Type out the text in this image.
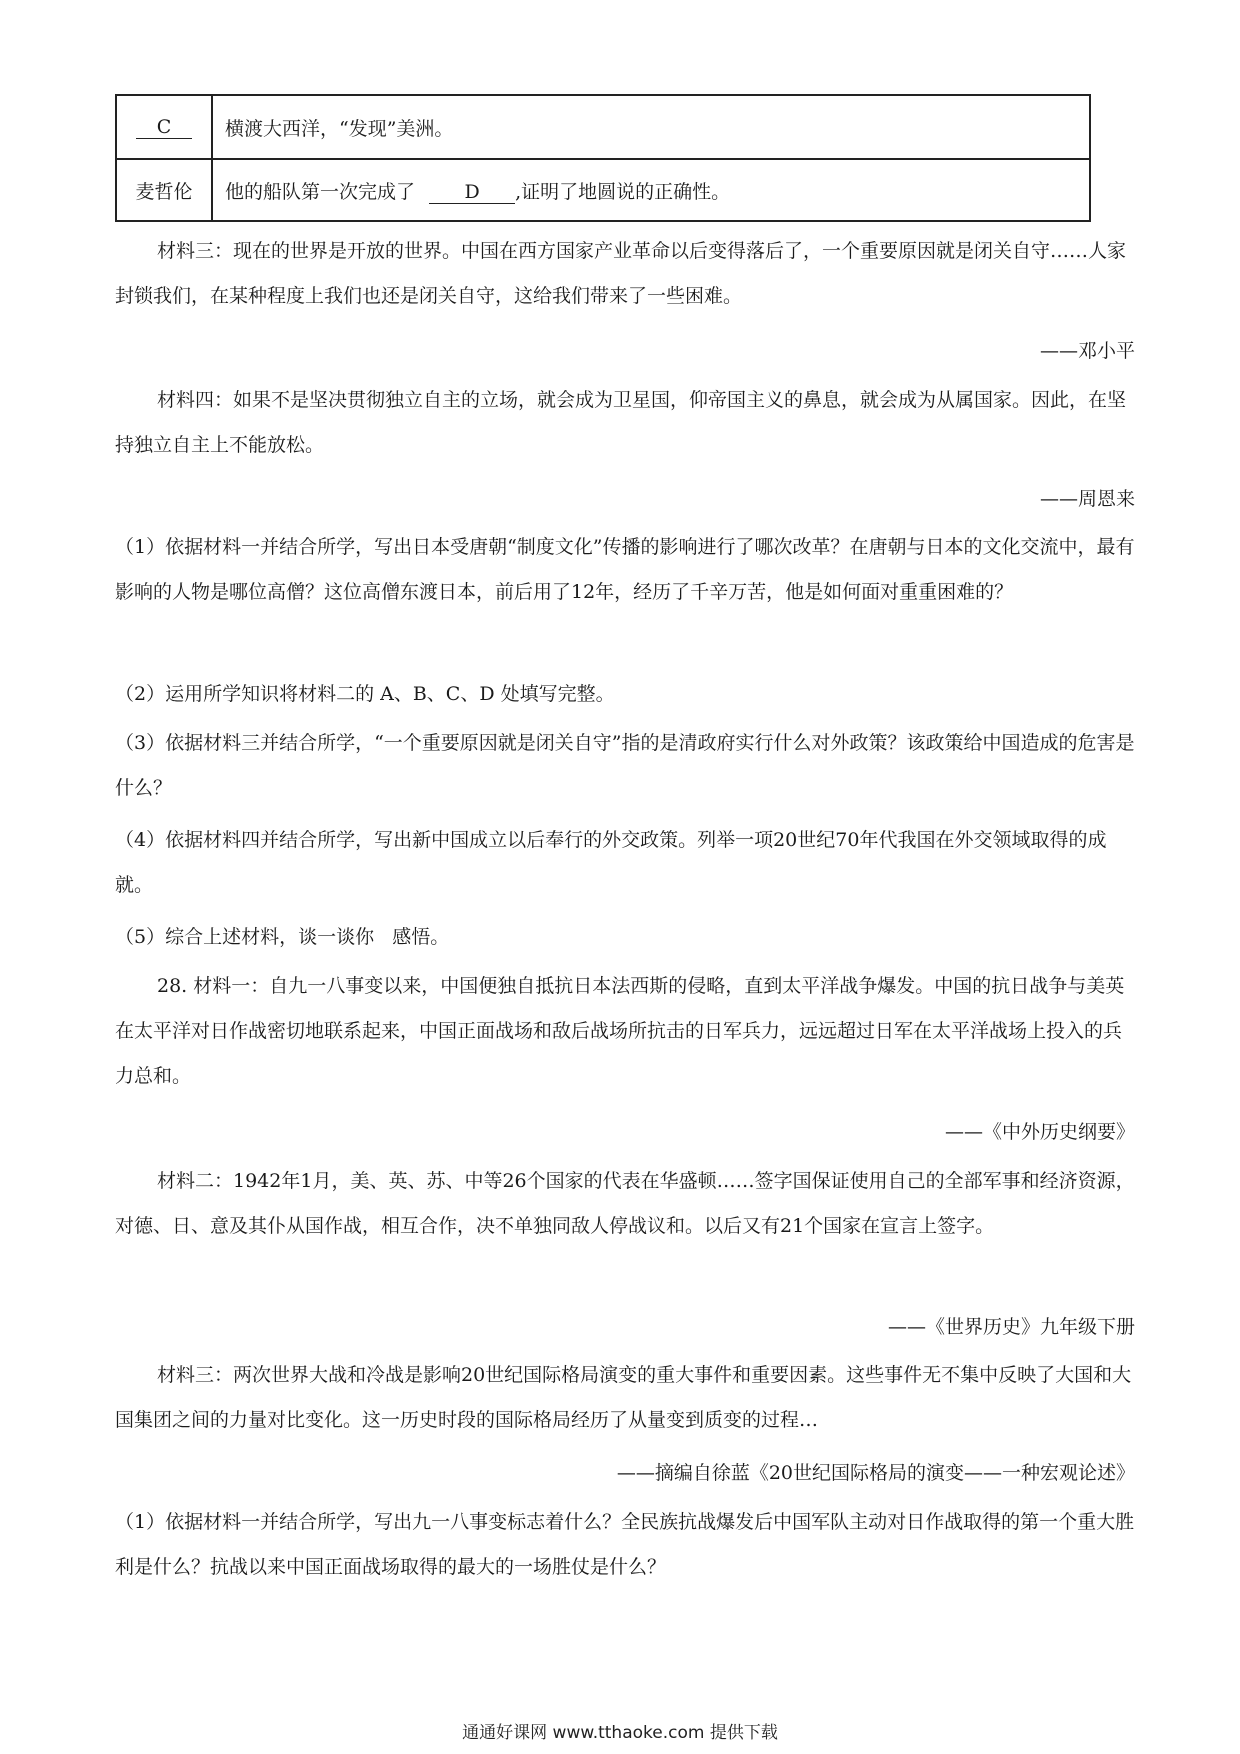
C	横渡大西洋，“发现”美洲。
麦哲伦	他的船队第一次完成了 D ,证明了地圆说的正确性。
材料三：现在的世界是开放的世界。中国在西方国家产业革命以后变得落后了，一个重要原因就是闭关自守……人家封锁我们，在某种程度上我们也还是闭关自守，这给我们带来了一些困难。
——邓小平
材料四：如果不是坚决贯彻独立自主的立场，就会成为卫星国，仰帝国主义的鼻息，就会成为从属国家。因此，在坚持独立自主上不能放松。
——周恩来
（1）依据材料一并结合所学，写出日本受唐朝“制度文化”传播的影响进行了哪次改革？在唐朝与日本的文化交流中，最有影响的人物是哪位高僧？这位高僧东渡日本，前后用了12年，经历了千辛万苦，他是如何面对重重困难的？
（2）运用所学知识将材料二的 A、B、C、D 处填写完整。
（3）依据材料三并结合所学，“一个重要原因就是闭关自守”指的是清政府实行什么对外政策？该政策给中国造成的危害是什么？
（4）依据材料四并结合所学，写出新中国成立以后奉行的外交政策。列举一项20世纪70年代我国在外交领域取得的成就。
（5）综合上述材料，谈一谈你   感悟。
28. 材料一：自九一八事变以来，中国便独自抵抗日本法西斯的侵略，直到太平洋战争爆发。中国的抗日战争与美英在太平洋对日作战密切地联系起来，中国正面战场和敌后战场所抗击的日军兵力，远远超过日军在太平洋战场上投入的兵力总和。
——《中外历史纲要》
材料二：1942年1月，美、英、苏、中等26个国家的代表在华盛顿……签字国保证使用自己的全部军事和经济资源，对德、日、意及其仆从国作战，相互合作，决不单独同敌人停战议和。以后又有21个国家在宣言上签字。
——《世界历史》九年级下册
材料三：两次世界大战和冷战是影响20世纪国际格局演变的重大事件和重要因素。这些事件无不集中反映了大国和大国集团之间的力量对比变化。这一历史时段的国际格局经历了从量变到质变的过程…
——摘编自徐蓝《20世纪国际格局的演变——一种宏观论述》
（1）依据材料一并结合所学，写出九一八事变标志着什么？全民族抗战爆发后中国军队主动对日作战取得的第一个重大胜利是什么？抗战以来中国正面战场取得的最大的一场胜仗是什么？
通通好课网 www.tthaoke.com 提供下载
